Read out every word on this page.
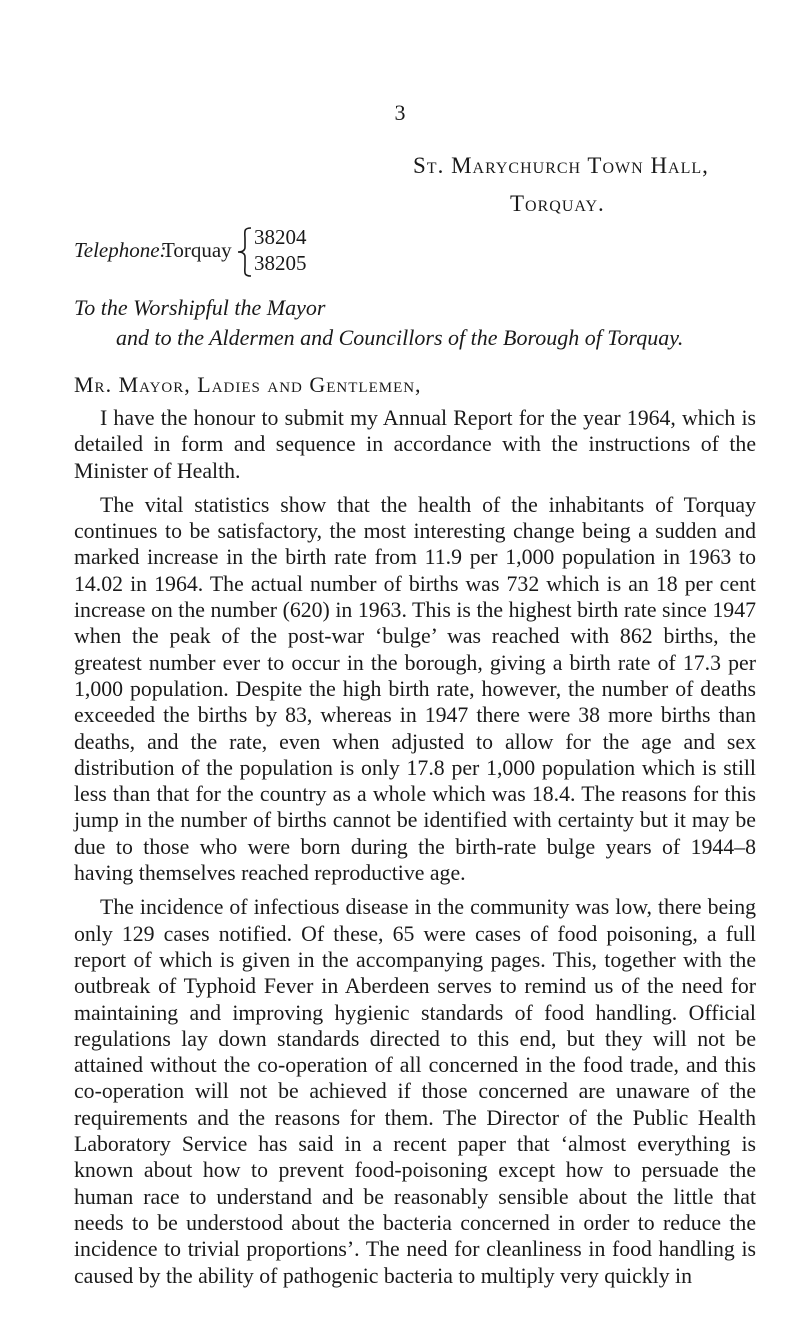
3
St. Marychurch Town Hall,
Torquay.
Telephone:
Torquay
38204
38205
To the Worshipful the Mayor
and to the Aldermen and Councillors of the Borough of Torquay.
Mr. Mayor, Ladies and Gentlemen,

I have the honour to submit my Annual Report for the year 1964, which is detailed in form and sequence in accordance with the instructions of the Minister of Health.

The vital statistics show that the health of the inhabitants of Torquay continues to be satisfactory, the most interesting change being a sudden and marked increase in the birth rate from 11.9 per 1,000 population in 1963 to 14.02 in 1964. The actual number of births was 732 which is an 18 per cent increase on the number (620) in 1963. This is the highest birth rate since 1947 when the peak of the post-war ‘bulge’ was reached with 862 births, the greatest number ever to occur in the borough, giving a birth rate of 17.3 per 1,000 population. Despite the high birth rate, however, the number of deaths exceeded the births by 83, whereas in 1947 there were 38 more births than deaths, and the rate, even when adjusted to allow for the age and sex distribution of the population is only 17.8 per 1,000 population which is still less than that for the country as a whole which was 18.4. The reasons for this jump in the number of births cannot be identified with certainty but it may be due to those who were born during the birth-rate bulge years of 1944–8 having themselves reached reproductive age.

The incidence of infectious disease in the community was low, there being only 129 cases notified. Of these, 65 were cases of food poisoning, a full report of which is given in the accompanying pages. This, together with the outbreak of Typhoid Fever in Aberdeen serves to remind us of the need for maintaining and improving hygienic standards of food handling. Official regulations lay down standards directed to this end, but they will not be attained without the co-operation of all concerned in the food trade, and this co-operation will not be achieved if those concerned are unaware of the requirements and the reasons for them. The Director of the Public Health Laboratory Service has said in a recent paper that ‘almost everything is known about how to prevent food-poisoning except how to persuade the human race to understand and be reasonably sensible about the little that needs to be understood about the bacteria concerned in order to reduce the incidence to trivial proportions’. The need for cleanliness in food handling is caused by the ability of pathogenic bacteria to multiply very quickly in
